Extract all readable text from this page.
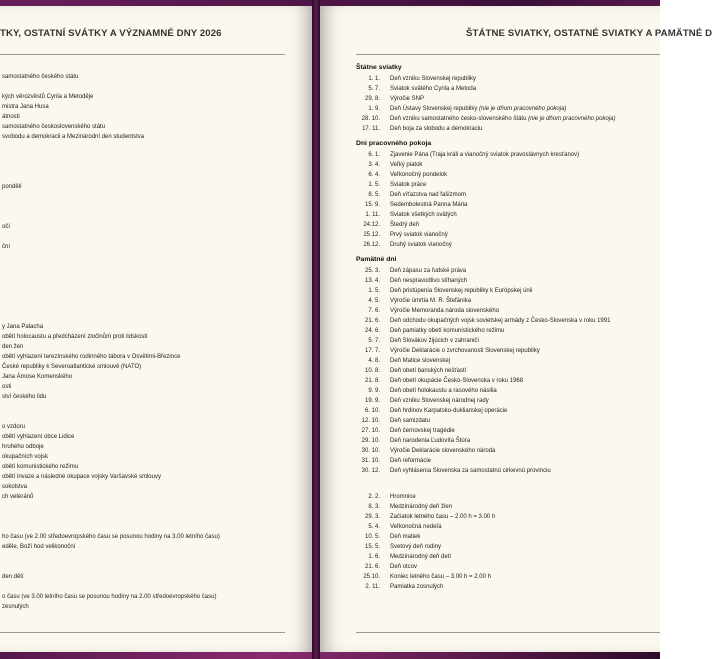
TKY, OSTATNÍ SVÁTKY A VÝZNAMNÉ DNY 2026
samostatného českého státu
kých věrozvěstů Cyrila a Metoděje
mistra Jana Husa
átnosti
samostatného československého státu
svobodu a demokracii a Mezinárodní den studentstva
pondělí
očí
ční
y Jana Palacha
obětí holocaustu a předcházení zločinům proti lidskosti
den žen
obětí vyhlazení terezínského rodinného tábora v Osvětimi-Březince
České republiky k Severoatlantické smlouvě (NATO)
Jana Ámose Komenského
osti
ství českého lidu
o vzdoru
obětí vyhlazení obce Lidice
hruhého odboje
okupačních vojsk
obětí komunistického režimu
obětí invaze a následné okupace vojsky Varšavské smlouvy
sokolstva
ch veteránů
ho času (ve 2.00 středoevropského času se posunou hodiny na 3.00 letního času)
eděle, Boží hod velikonoční
den dětí
o času (ve 3.00 letního času se posunou hodiny na 2.00 středoevropského času)
zesnulých
ŠTÁTNE SVIATKY, OSTATNÉ SVIATKY A PAMÄTNÉ D
Štátne sviatky
1. 1. Deň vzniku Slovenskej republiky
5. 7. Sviatok svätého Cyrila a Metoda
29. 8. Výročie SNP
1. 9. Deň Ústavy Slovenskej republiky (nie je dňom pracovného pokoja)
28. 10. Deň vzniku samostatného česko-slovenského štátu (nie je dňom pracovného pokoja)
17. 11. Deň boja za slobodu a demokraciu
Dni pracovného pokoja
6. 1. Zjavenie Pána (Traja králi a vianočný sviatok pravoslávnych kresťanov)
3. 4. Veľký piatok
6. 4. Veľkonočný pondelok
1. 5. Sviatok práce
8. 5. Deň víťazstva nad fašizmom
15. 9. Sedembolestná Panna Mária
1. 11. Sviatok všetkých svätých
24.12. Štedrý deň
25.12. Prvý sviatok vianočný
26.12. Druhý sviatok vianočný
Pamätné dni
25. 3. Deň zápasu za ľudské práva
13. 4. Deň nespravodlivo stíhaných
1. 5. Deň pristúpenia Slovenskej republiky k Európskej únii
4. 5. Výročie úmrtia M. R. Štefánika
7. 6. Výročie Memoranda národa slovenského
21. 6. Deň odchodu okupačných vojsk sovietskej armády z Česko-Slovenska v roku 1991
24. 6. Deň pamiatky obetí komunistického režimu
5. 7. Deň Slovákov žijúcich v zahraničí
17. 7. Výročie Deklarácie o zvrchovanosti Slovenskej republiky
4. 8. Deň Matice slovenskej
10. 8. Deň obetí banských nešťastí
21. 8. Deň obetí okupácie Česko-Slovenska v roku 1968
9. 9. Deň obetí holokaustu a rasového násilia
19. 9. Deň vzniku Slovenskej národnej rady
6. 10. Deň hrdinov Karpatsko-duklianskej operácie
12. 10. Deň samizdatu
27. 10. Deň černovskej tragédie
29. 10. Deň narodenia Ľudovíta Štúra
30. 10. Výročie Deklarácie slovenského národa
31. 10. Deň reformácie
30. 12. Deň vyhlásenia Slovenska za samostatnú cirkevnú provinciu
2. 2. Hromnice
8. 3. Medzinárodný deň žien
29. 3. Začiatok letného času – 2.00 h = 3.00 h
5. 4. Veľkonočná nedeľa
10. 5. Deň matiek
15. 5. Svetový deň rodiny
1. 6. Medzinárodný deň detí
21. 6. Deň otcov
25.10. Koniec letného času – 3.00 h = 2.00 h
2. 11. Pamiatka zosnulých
